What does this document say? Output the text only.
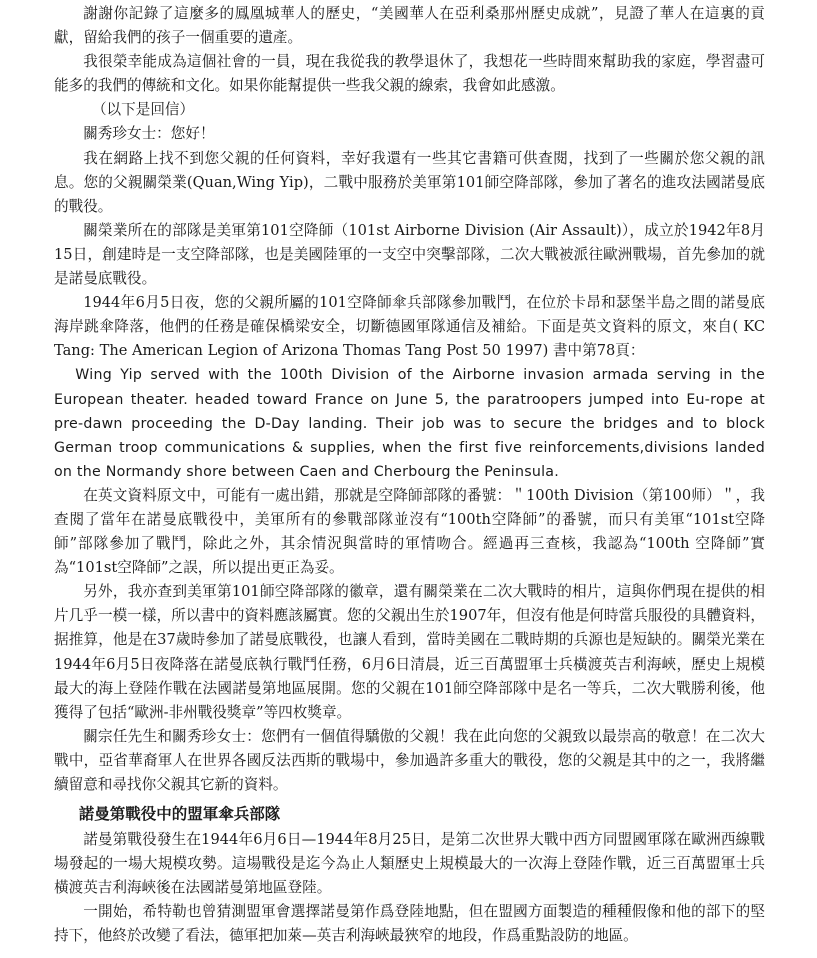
謝謝你記錄了這麼多的鳳凰城華人的歷史，“美國華人在亞利桑那州歷史成就”，見證了華人在這裏的貢獻，留給我們的孩子一個重要的遺產。

我很榮幸能成為這個社會的一員，現在我從我的教學退休了，我想花一些時間來幫助我的家庭，學習盡可能多的我們的傳統和文化。如果你能幫提供一些我父親的線索，我會如此感激。

（以下是回信）

關秀珍女士：您好！

我在網路上找不到您父親的任何資料，幸好我還有一些其它書籍可供查閱，找到了一些關於您父親的訊息。您的父親關榮業(Quan,Wing Yip)，二戰中服務於美軍第101師空降部隊，參加了著名的進攻法國諾曼底的戰役。

關榮業所在的部隊是美軍第101空降師（101st Airborne Division (Air Assault)），成立於1942年8月15日，創建時是一支空降部隊，也是美國陸軍的一支空中突擊部隊，二次大戰被派往歐洲戰場，首先參加的就是諾曼底戰役。

1944年6月5日夜，您的父親所屬的101空降師傘兵部隊參加戰鬥，在位於卡昂和瑟堡半島之間的諾曼底海岸跳傘降落，他們的任務是確保橋梁安全，切斷德國軍隊通信及補給。下面是英文資料的原文，來自( KC Tang: The American Legion of Arizona Thomas Tang Post 50 1997) 書中第78頁：

Wing Yip served with the 100th Division of the Airborne invasion armada serving in the European theater. headed toward France on June 5, the paratroopers jumped into Eu-rope at pre-dawn proceeding the D-Day landing. Their job was to secure the bridges and to block German troop communications & supplies, when the first five reinforcements,divisions landed on the Normandy shore between Caen and Cherbourg the Peninsula.

在英文資料原文中，可能有一處出錯，那就是空降師部隊的番號：＂100th Division（第100师）＂，我查閱了當年在諾曼底戰役中，美軍所有的參戰部隊並沒有“100th空降師”的番號，而只有美軍“101st空降師”部隊參加了戰鬥，除此之外，其余情況與當時的軍情吻合。經過再三查核，我認為“100th 空降師”實為“101st空降師”之誤，所以提出更正為妥。

另外，我亦查到美軍第101師空降部隊的徽章，還有關榮業在二次大戰時的相片，這與你們現在提供的相片几乎一模一樣，所以書中的資料應該屬實。您的父親出生於1907年，但沒有他是何時當兵服役的具體資料，据推算，他是在37歲時參加了諾曼底戰役，也讓人看到，當時美國在二戰時期的兵源也是短缺的。關榮光業在1944年6月5日夜降落在諾曼底執行戰鬥任務，6月6日清晨，近三百萬盟軍士兵橫渡英吉利海峽，歷史上規模最大的海上登陸作戰在法國諾曼第地區展開。您的父親在101師空降部隊中是名一等兵，二次大戰勝利後，他獲得了包括“歐洲-非州戰役獎章”等四枚獎章。

關宗任先生和關秀珍女士：您們有一個值得驕傲的父親！我在此向您的父親致以最崇高的敬意！在二次大戰中，亞省華裔軍人在世界各國反法西斯的戰場中，參加過許多重大的戰役，您的父親是其中的之一，我將繼續留意和尋找你父親其它新的資料。

諾曼第戰役中的盟軍傘兵部隊

諾曼第戰役發生在1944年6月6日—1944年8月25日，是第二次世界大戰中西方同盟國軍隊在歐洲西線戰場發起的一場大規模攻勢。這場戰役是迄今為止人類歷史上規模最大的一次海上登陸作戰，近三百萬盟軍士兵橫渡英吉利海峽後在法國諾曼第地區登陸。

一開始，希特勒也曾猜測盟軍會選擇諾曼第作爲登陸地點，但在盟國方面製造的種種假像和他的部下的堅持下，他終於改變了看法，德軍把加萊—英吉利海峽最狹窄的地段，作爲重點設防的地區。
